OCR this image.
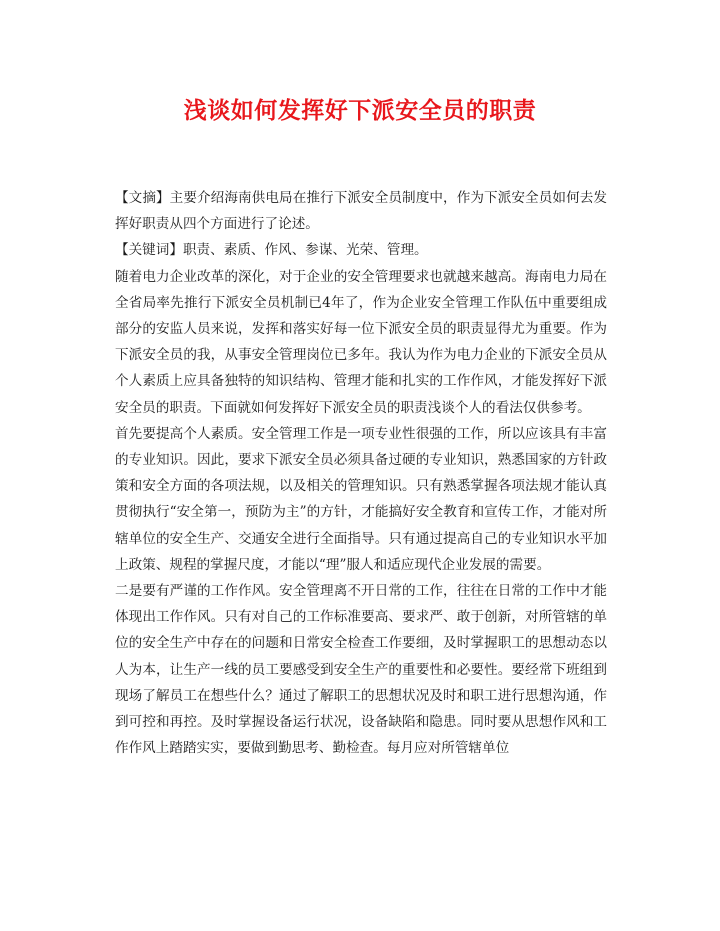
浅谈如何发挥好下派安全员的职责

【文摘】主要介绍海南供电局在推行下派安全员制度中，作为下派安全员如何去发挥好职责从四个方面进行了论述。

【关键词】职责、素质、作风、参谋、光荣、管理。

随着电力企业改革的深化，对于企业的安全管理要求也就越来越高。海南电力局在全省局率先推行下派安全员机制已4年了，作为企业安全管理工作队伍中重要组成部分的安监人员来说，发挥和落实好每一位下派安全员的职责显得尤为重要。作为下派安全员的我，从事安全管理岗位已多年。我认为作为电力企业的下派安全员从个人素质上应具备独特的知识结构、管理才能和扎实的工作作风，才能发挥好下派安全员的职责。下面就如何发挥好下派安全员的职责浅谈个人的看法仅供参考。

首先要提高个人素质。安全管理工作是一项专业性很强的工作，所以应该具有丰富的专业知识。因此，要求下派安全员必须具备过硬的专业知识，熟悉国家的方针政策和安全方面的各项法规，以及相关的管理知识。只有熟悉掌握各项法规才能认真贯彻执行“安全第一，预防为主”的方针，才能搞好安全教育和宣传工作，才能对所辖单位的安全生产、交通安全进行全面指导。只有通过提高自己的专业知识水平加上政策、规程的掌握尺度，才能以“理”服人和适应现代企业发展的需要。

二是要有严谨的工作作风。安全管理离不开日常的工作，往往在日常的工作中才能体现出工作作风。只有对自己的工作标准要高、要求严、敢于创新，对所管辖的单位的安全生产中存在的问题和日常安全检查工作要细，及时掌握职工的思想动态以人为本，让生产一线的员工要感受到安全生产的重要性和必要性。要经常下班组到现场了解员工在想些什么？通过了解职工的思想状况及时和职工进行思想沟通，作到可控和再控。及时掌握设备运行状况，设备缺陷和隐患。同时要从思想作风和工作作风上踏踏实实，要做到勤思考、勤检查。每月应对所管辖单位
